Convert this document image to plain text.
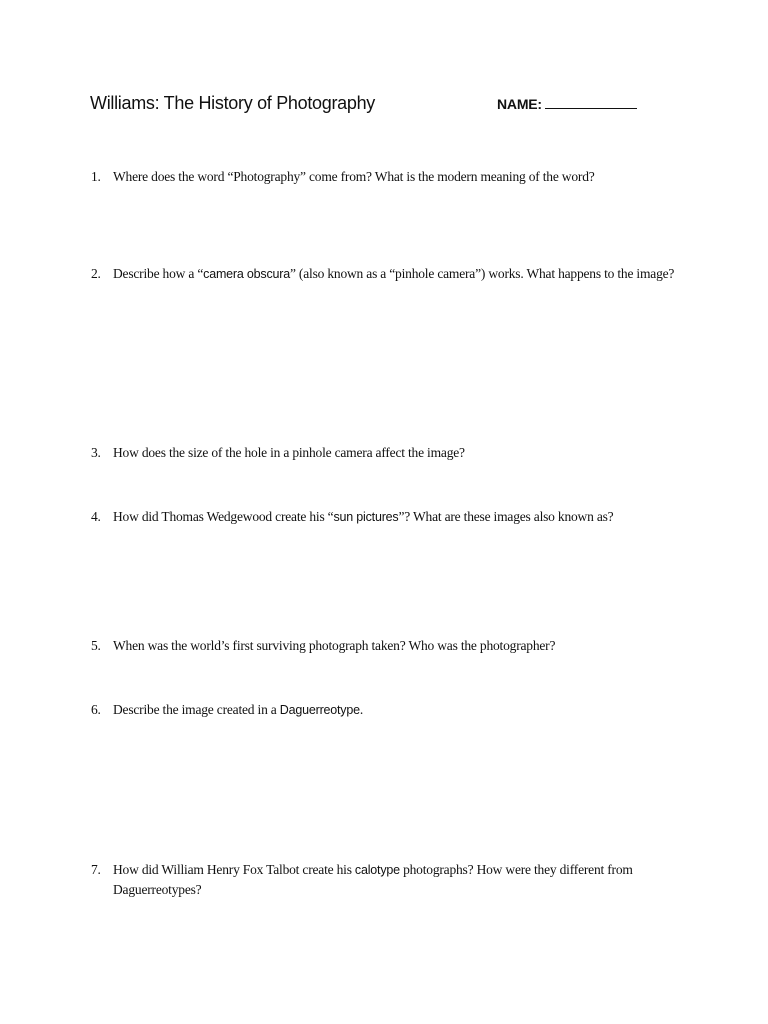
Williams: The History of Photography	NAME:
1. Where does the word “Photography” come from? What is the modern meaning of the word?
2. Describe how a “camera obscura” (also known as a “pinhole camera”) works. What happens to the image?
3. How does the size of the hole in a pinhole camera affect the image?
4. How did Thomas Wedgewood create his “sun pictures”? What are these images also known as?
5. When was the world’s first surviving photograph taken? Who was the photographer?
6. Describe the image created in a Daguerreotype.
7. How did William Henry Fox Talbot create his calotype photographs? How were they different from Daguerreotypes?
